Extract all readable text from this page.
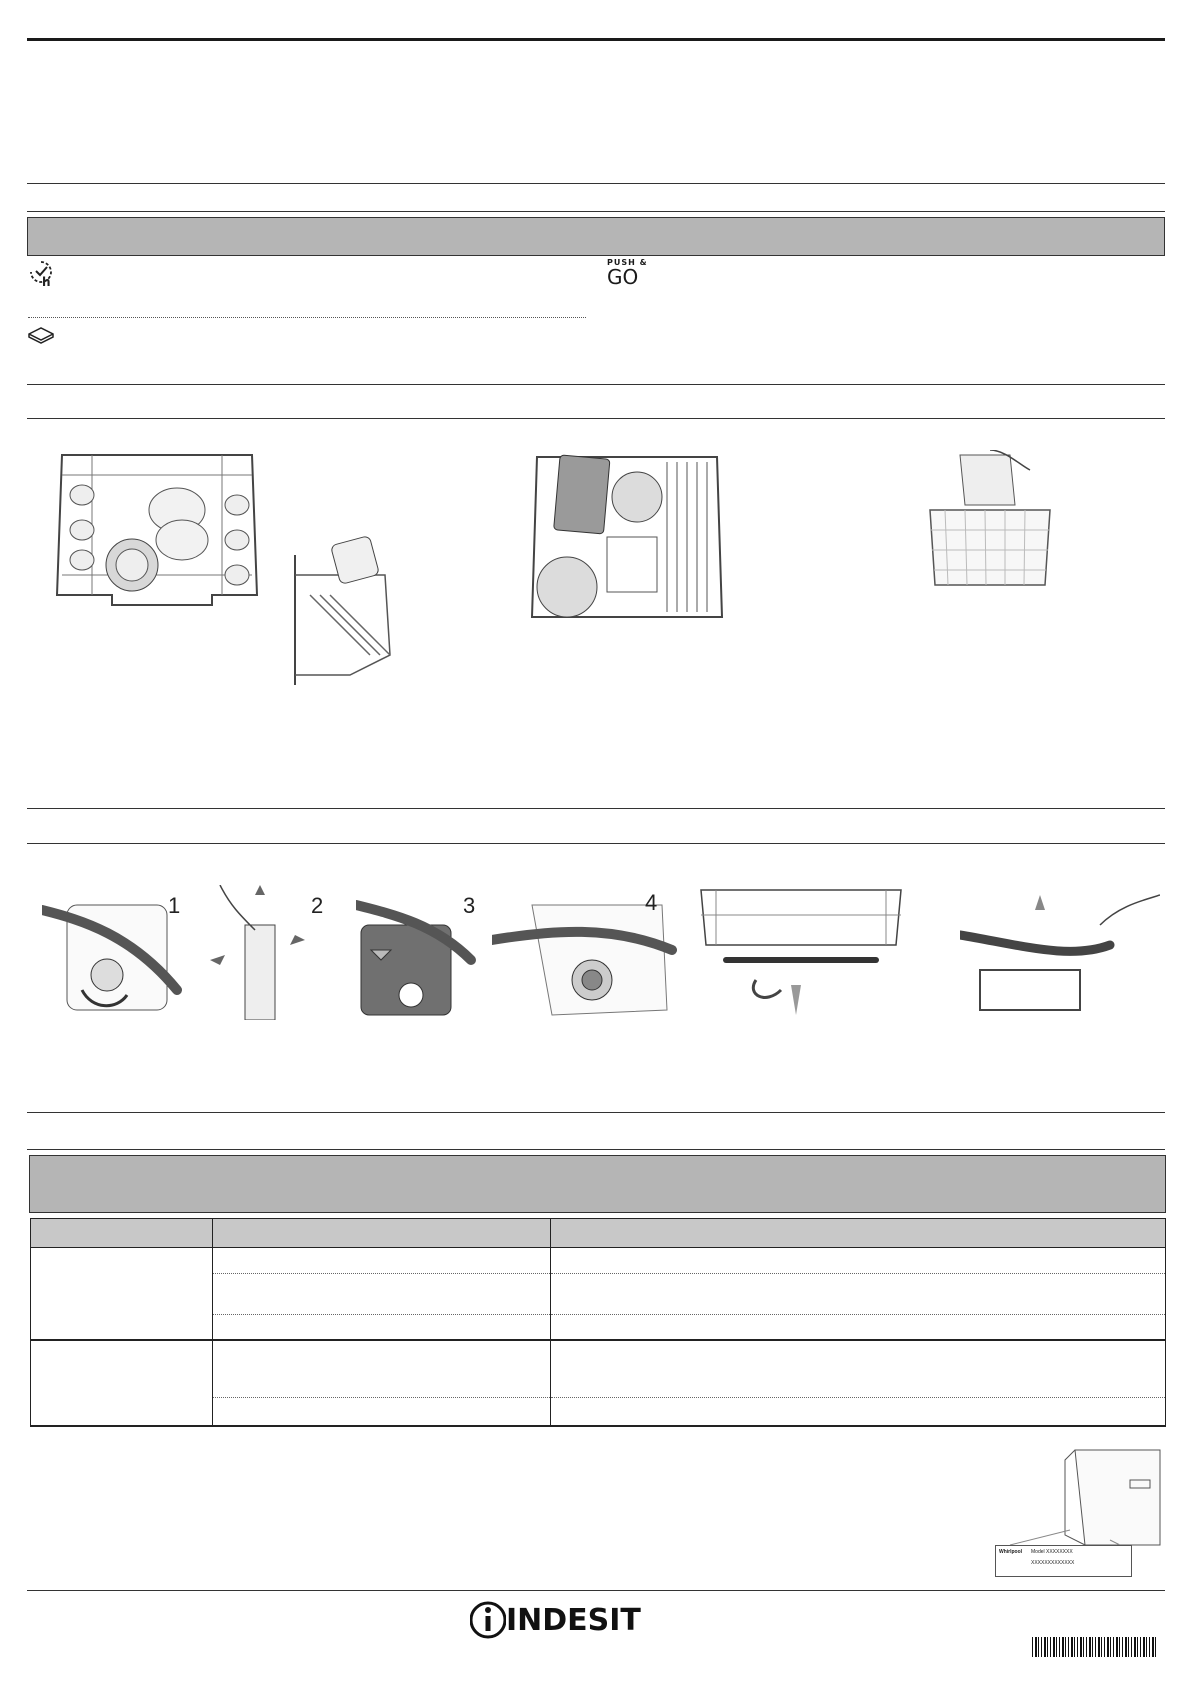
h
PUSH &
GO
1	2	3	4

Whirlpool Model XXXXXXXX
XXXXXXXXXXXXX
INDESIT
